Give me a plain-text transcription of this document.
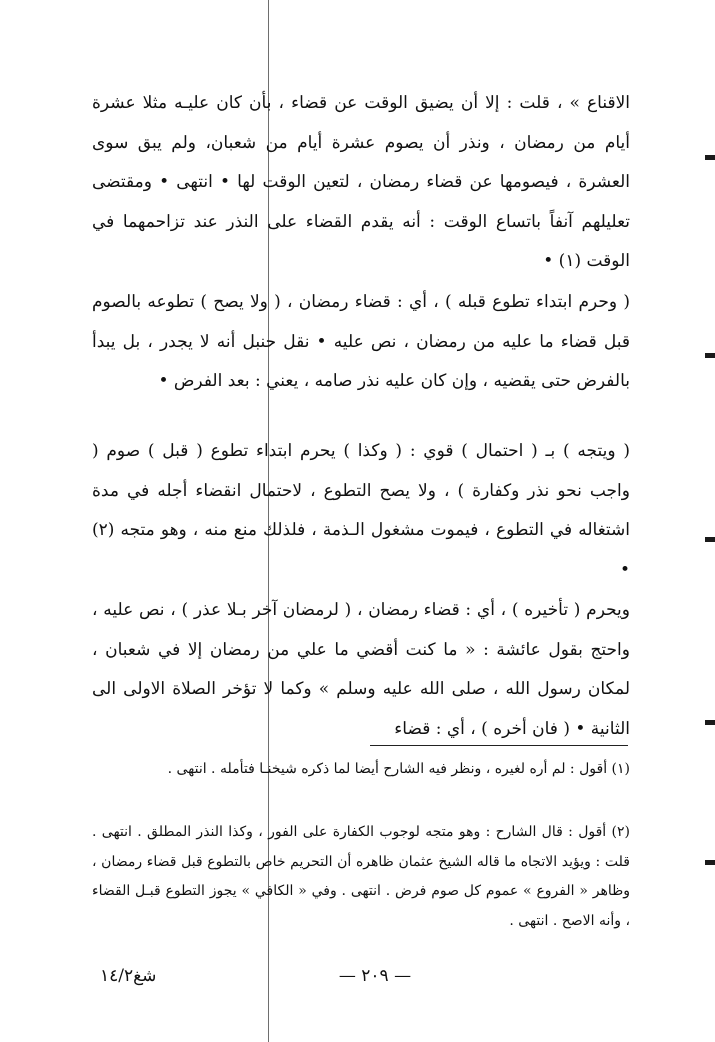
الاقناع » ، قلت : إلا أن يضيق الوقت عن قضاء ، بأن كان عليـه مثلا عشرة أيام من رمضان ، ونذر أن يصوم عشرة أيام من شعبان، ولم يبق سوى العشرة ، فيصومها عن قضاء رمضان ، لتعين الوقت لها • انتهى • ومقتضى تعليلهم آنفاً باتساع الوقت : أنه يقدم القضاء على النذر عند تزاحمهما في الوقت (١) •

( وحرم ابتداء تطوع قبله ) ، أي : قضاء رمضان ، ( ولا يصح ) تطوعه بالصوم قبل قضاء ما عليه من رمضان ، نص عليه • نقل حنبل أنه لا يجدر ، بل يبدأ بالفرض حتى يقضيه ، وإن كان عليه نذر صامه ، يعني : بعد الفرض •

( ويتجه ) بـ ( احتمال ) قوي : ( وكذا ) يحرم ابتداء تطوع ( قبل ) صوم ( واجب نحو نذر وكفارة ) ، ولا يصح التطوع ، لاحتمال انقضاء أجله في مدة اشتغاله في التطوع ، فيموت مشغول الـذمة ، فلذلك منع منه ، وهو متجه (٢) •

ويحرم ( تأخيره ) ، أي : قضاء رمضان ، ( لرمضان آخر بـلا عذر ) ، نص عليه ، واحتج بقول عائشة : « ما كنت أقضي ما علي من رمضان إلا في شعبان ، لمكان رسول الله ، صلى الله عليه وسلم » وكما لا تؤخر الصلاة الاولى الى الثانية • ( فان أخره ) ، أي : قضاء

(١) أقول : لم أره لغيره ، ونظر فيه الشارح أيضا لما ذكره شيخنـا فتأمله . انتهى .

(٢) أقول : قال الشارح : وهو متجه لوجوب الكفارة على الفور ، وكذا النذر المطلق . انتهى . قلت : ويؤيد الاتجاه ما قاله الشيخ عثمان ظاهره أن التحريم خاص بالتطوع قبل قضاء رمضان ، وظاهر « الفروع » عموم كل صوم فرض . انتهى . وفي « الكافي » يجوز التطوع قبـل القضاء ، وأنه الاصح . انتهى .

— ٢٠٩ —
شغ١٤/٢
